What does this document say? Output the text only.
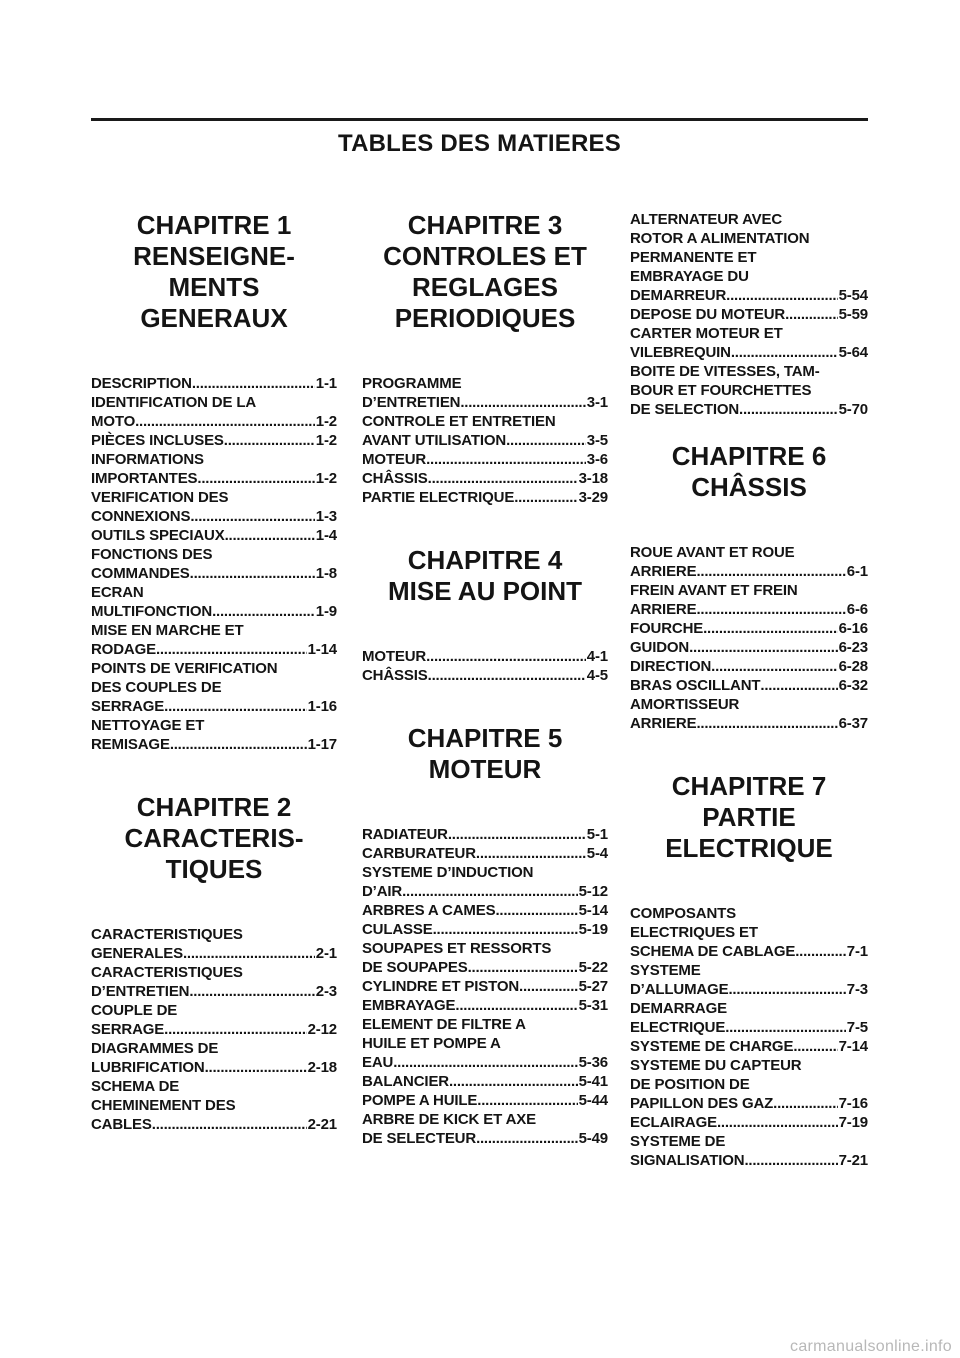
TABLES DES MATIERES
CHAPITRE 1
RENSEIGNE-
MENTS
GENERAUX
DESCRIPTION . . .	1-1
IDENTIFICATION DE LA
MOTO . . .	1-2
PIÈCES INCLUSES . . .	1-2
INFORMATIONS
IMPORTANTES . . .	1-2
VERIFICATION DES
CONNEXIONS . . .	1-3
OUTILS SPECIAUX . . .	1-4
FONCTIONS DES
COMMANDES . . .	1-8
ECRAN
MULTIFONCTION . . .	1-9
MISE EN MARCHE ET
RODAGE . . .	1-14
POINTS DE VERIFICATION
DES COUPLES DE
SERRAGE . . .	1-16
NETTOYAGE ET
REMISAGE . . .	1-17
CHAPITRE 2
CARACTERIS-
TIQUES
CARACTERISTIQUES
GENERALES . . .	2-1
CARACTERISTIQUES
D’ENTRETIEN . . .	2-3
COUPLE DE
SERRAGE . . .	2-12
DIAGRAMMES DE
LUBRIFICATION . . .	2-18
SCHEMA DE
CHEMINEMENT DES
CABLES . . .	2-21
CHAPITRE 3
CONTROLES ET
REGLAGES
PERIODIQUES
PROGRAMME
D’ENTRETIEN . . .	3-1
CONTROLE ET ENTRETIEN
AVANT UTILISATION . . .	3-5
MOTEUR . . .	3-6
CHÂSSIS . . .	3-18
PARTIE ELECTRIQUE . . .	3-29
CHAPITRE 4
MISE AU POINT
MOTEUR . . .	4-1
CHÂSSIS . . .	4-5
CHAPITRE 5
MOTEUR
RADIATEUR . . .	5-1
CARBURATEUR . . .	5-4
SYSTEME D’INDUCTION
D’AIR . . .	5-12
ARBRES A CAMES . . .	5-14
CULASSE . . .	5-19
SOUPAPES ET RESSORTS
DE SOUPAPES . . .	5-22
CYLINDRE ET PISTON . . .	5-27
EMBRAYAGE . . .	5-31
ELEMENT DE FILTRE A
HUILE ET POMPE A
EAU . . .	5-36
BALANCIER . . .	5-41
POMPE A HUILE . . .	5-44
ARBRE DE KICK ET AXE
DE SELECTEUR . . .	5-49
ALTERNATEUR AVEC
ROTOR A ALIMENTATION
PERMANENTE ET
EMBRAYAGE DU
DEMARREUR . . .	5-54
DEPOSE DU MOTEUR . . .	5-59
CARTER MOTEUR ET
VILEBREQUIN . . .	5-64
BOITE DE VITESSES, TAM-
BOUR ET FOURCHETTES
DE SELECTION . . .	5-70
CHAPITRE 6
CHÂSSIS
ROUE AVANT ET ROUE
ARRIERE . . .	6-1
FREIN AVANT ET FREIN
ARRIERE . . .	6-6
FOURCHE . . .	6-16
GUIDON . . .	6-23
DIRECTION . . .	6-28
BRAS OSCILLANT . . .	6-32
AMORTISSEUR
ARRIERE . . .	6-37
CHAPITRE 7
PARTIE
ELECTRIQUE
COMPOSANTS
ELECTRIQUES ET
SCHEMA DE CABLAGE . . .	7-1
SYSTEME
D’ALLUMAGE . . .	7-3
DEMARRAGE
ELECTRIQUE . . .	7-5
SYSTEME DE CHARGE . . .	7-14
SYSTEME DU CAPTEUR
DE POSITION DE
PAPILLON DES GAZ . . .	7-16
ECLAIRAGE . . .	7-19
SYSTEME DE
SIGNALISATION . . .	7-21
carmanualsonline.info
